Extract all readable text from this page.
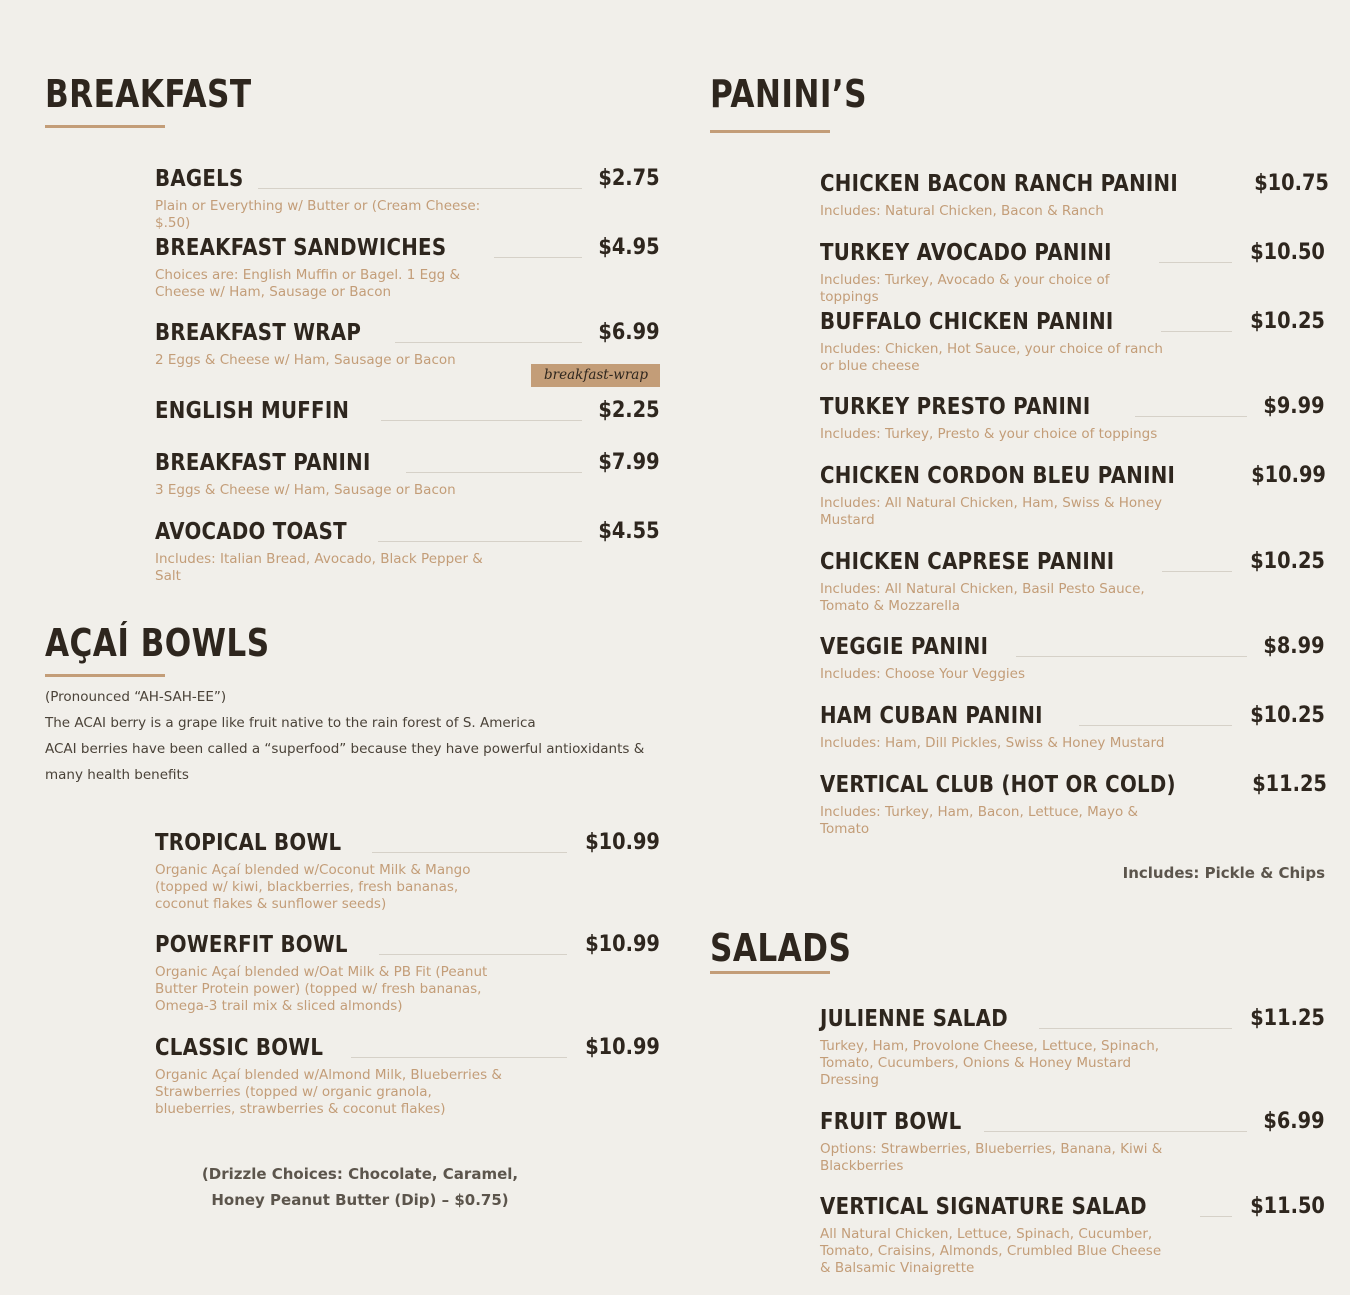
BREAKFAST
BAGELS	$2.75
Plain or Everything w/ Butter or (Cream Cheese: $.50)
BREAKFAST SANDWICHES	$4.95
Choices are: English Muffin or Bagel. 1 Egg & Cheese w/ Ham, Sausage or Bacon
BREAKFAST WRAP	$6.99
2 Eggs & Cheese w/ Ham, Sausage or Bacon
breakfast-wrap
ENGLISH MUFFIN	$2.25
BREAKFAST PANINI	$7.99
3 Eggs & Cheese w/ Ham, Sausage or Bacon
AVOCADO TOAST	$4.55
Includes: Italian Bread, Avocado, Black Pepper & Salt
AÇAÍ BOWLS
(Pronounced “AH-SAH-EE”)
The ACAI berry is a grape like fruit native to the rain forest of S. America
ACAI berries have been called a “superfood” because they have powerful antioxidants & many health benefits
TROPICAL BOWL	$10.99
Organic Açaí blended w/Coconut Milk & Mango (topped w/ kiwi, blackberries, fresh bananas, coconut flakes & sunflower seeds)
POWERFIT BOWL	$10.99
Organic Açaí blended w/Oat Milk & PB Fit (Peanut Butter Protein power) (topped w/ fresh bananas, Omega-3 trail mix & sliced almonds)
CLASSIC BOWL	$10.99
Organic Açaí blended w/Almond Milk, Blueberries & Strawberries (topped w/ organic granola, blueberries, strawberries & coconut flakes)
(Drizzle Choices: Chocolate, Caramel, Honey Peanut Butter (Dip) – $0.75)
PANINI’S
CHICKEN BACON RANCH PANINI	$10.75
Includes: Natural Chicken, Bacon & Ranch
TURKEY AVOCADO PANINI	$10.50
Includes: Turkey, Avocado & your choice of toppings
BUFFALO CHICKEN PANINI	$10.25
Includes: Chicken, Hot Sauce, your choice of ranch or blue cheese
TURKEY PRESTO PANINI	$9.99
Includes: Turkey, Presto & your choice of toppings
CHICKEN CORDON BLEU PANINI	$10.99
Includes: All Natural Chicken, Ham, Swiss & Honey Mustard
CHICKEN CAPRESE PANINI	$10.25
Includes: All Natural Chicken, Basil Pesto Sauce, Tomato & Mozzarella
VEGGIE PANINI	$8.99
Includes: Choose Your Veggies
HAM CUBAN PANINI	$10.25
Includes: Ham, Dill Pickles, Swiss & Honey Mustard
VERTICAL CLUB (HOT OR COLD)	$11.25
Includes: Turkey, Ham, Bacon, Lettuce, Mayo & Tomato
Includes: Pickle & Chips
SALADS
JULIENNE SALAD	$11.25
Turkey, Ham, Provolone Cheese, Lettuce, Spinach, Tomato, Cucumbers, Onions & Honey Mustard Dressing
FRUIT BOWL	$6.99
Options: Strawberries, Blueberries, Banana, Kiwi & Blackberries
VERTICAL SIGNATURE SALAD	$11.50
All Natural Chicken, Lettuce, Spinach, Cucumber, Tomato, Craisins, Almonds, Crumbled Blue Cheese & Balsamic Vinaigrette
